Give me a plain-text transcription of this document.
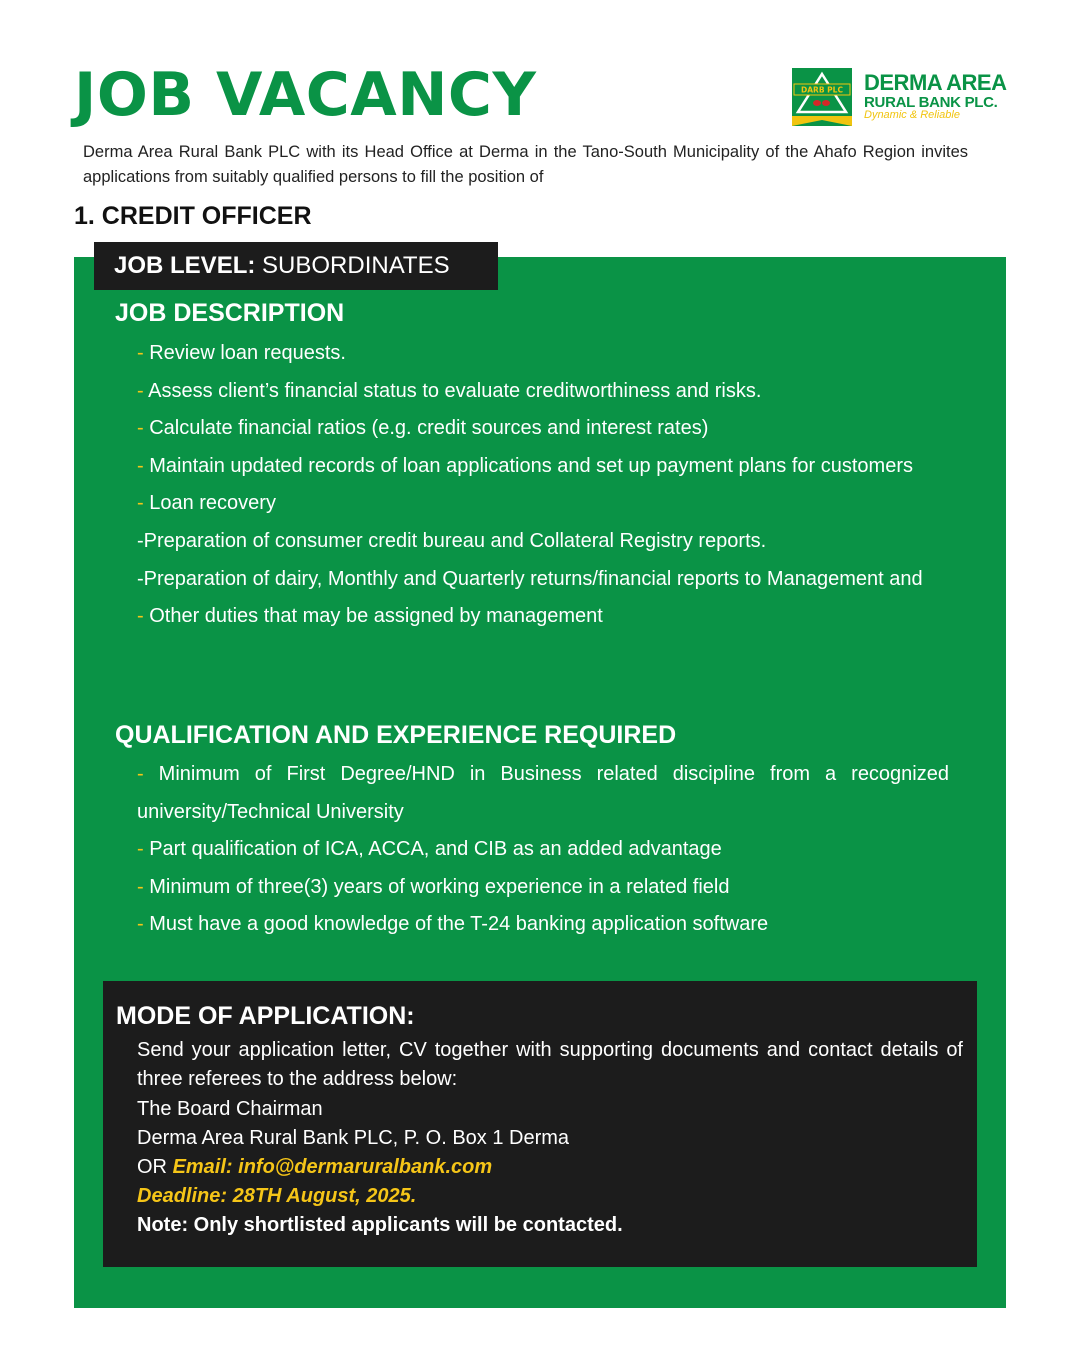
JOB VACANCY	DARB PLC DERMA AREA
RURAL BANK PLC.
Dynamic & Reliable

Derma Area Rural Bank PLC with its Head Office at Derma in the Tano-South Municipality of the Ahafo Region invites applications from suitably qualified persons to fill the position of

1. CREDIT OFFICER
JOB LEVEL: SUBORDINATES
JOB DESCRIPTION
- Review loan requests.
- Assess client’s financial status to evaluate creditworthiness and risks.
- Calculate financial ratios (e.g. credit sources and interest rates)
- Maintain updated records of loan applications and set up payment plans for customers
- Loan recovery
-Preparation of consumer credit bureau and Collateral Registry reports.
-Preparation of dairy, Monthly and Quarterly returns/financial reports to Management and
- Other duties that may be assigned by management
QUALIFICATION AND EXPERIENCE REQUIRED
- Minimum of First Degree/HND in Business related discipline from a recognized university/Technical University
- Part qualification of ICA, ACCA, and CIB as an added advantage
- Minimum of three(3) years of working experience in a related field
- Must have a good knowledge of the T-24 banking application software
MODE OF APPLICATION:

Send your application letter, CV together with supporting documents and contact details of three referees to the address below:

The Board Chairman

Derma Area Rural Bank PLC, P. O. Box 1 Derma

OR Email: info@dermaruralbank.com

Deadline: 28TH August, 2025.

Note: Only shortlisted applicants will be contacted.
